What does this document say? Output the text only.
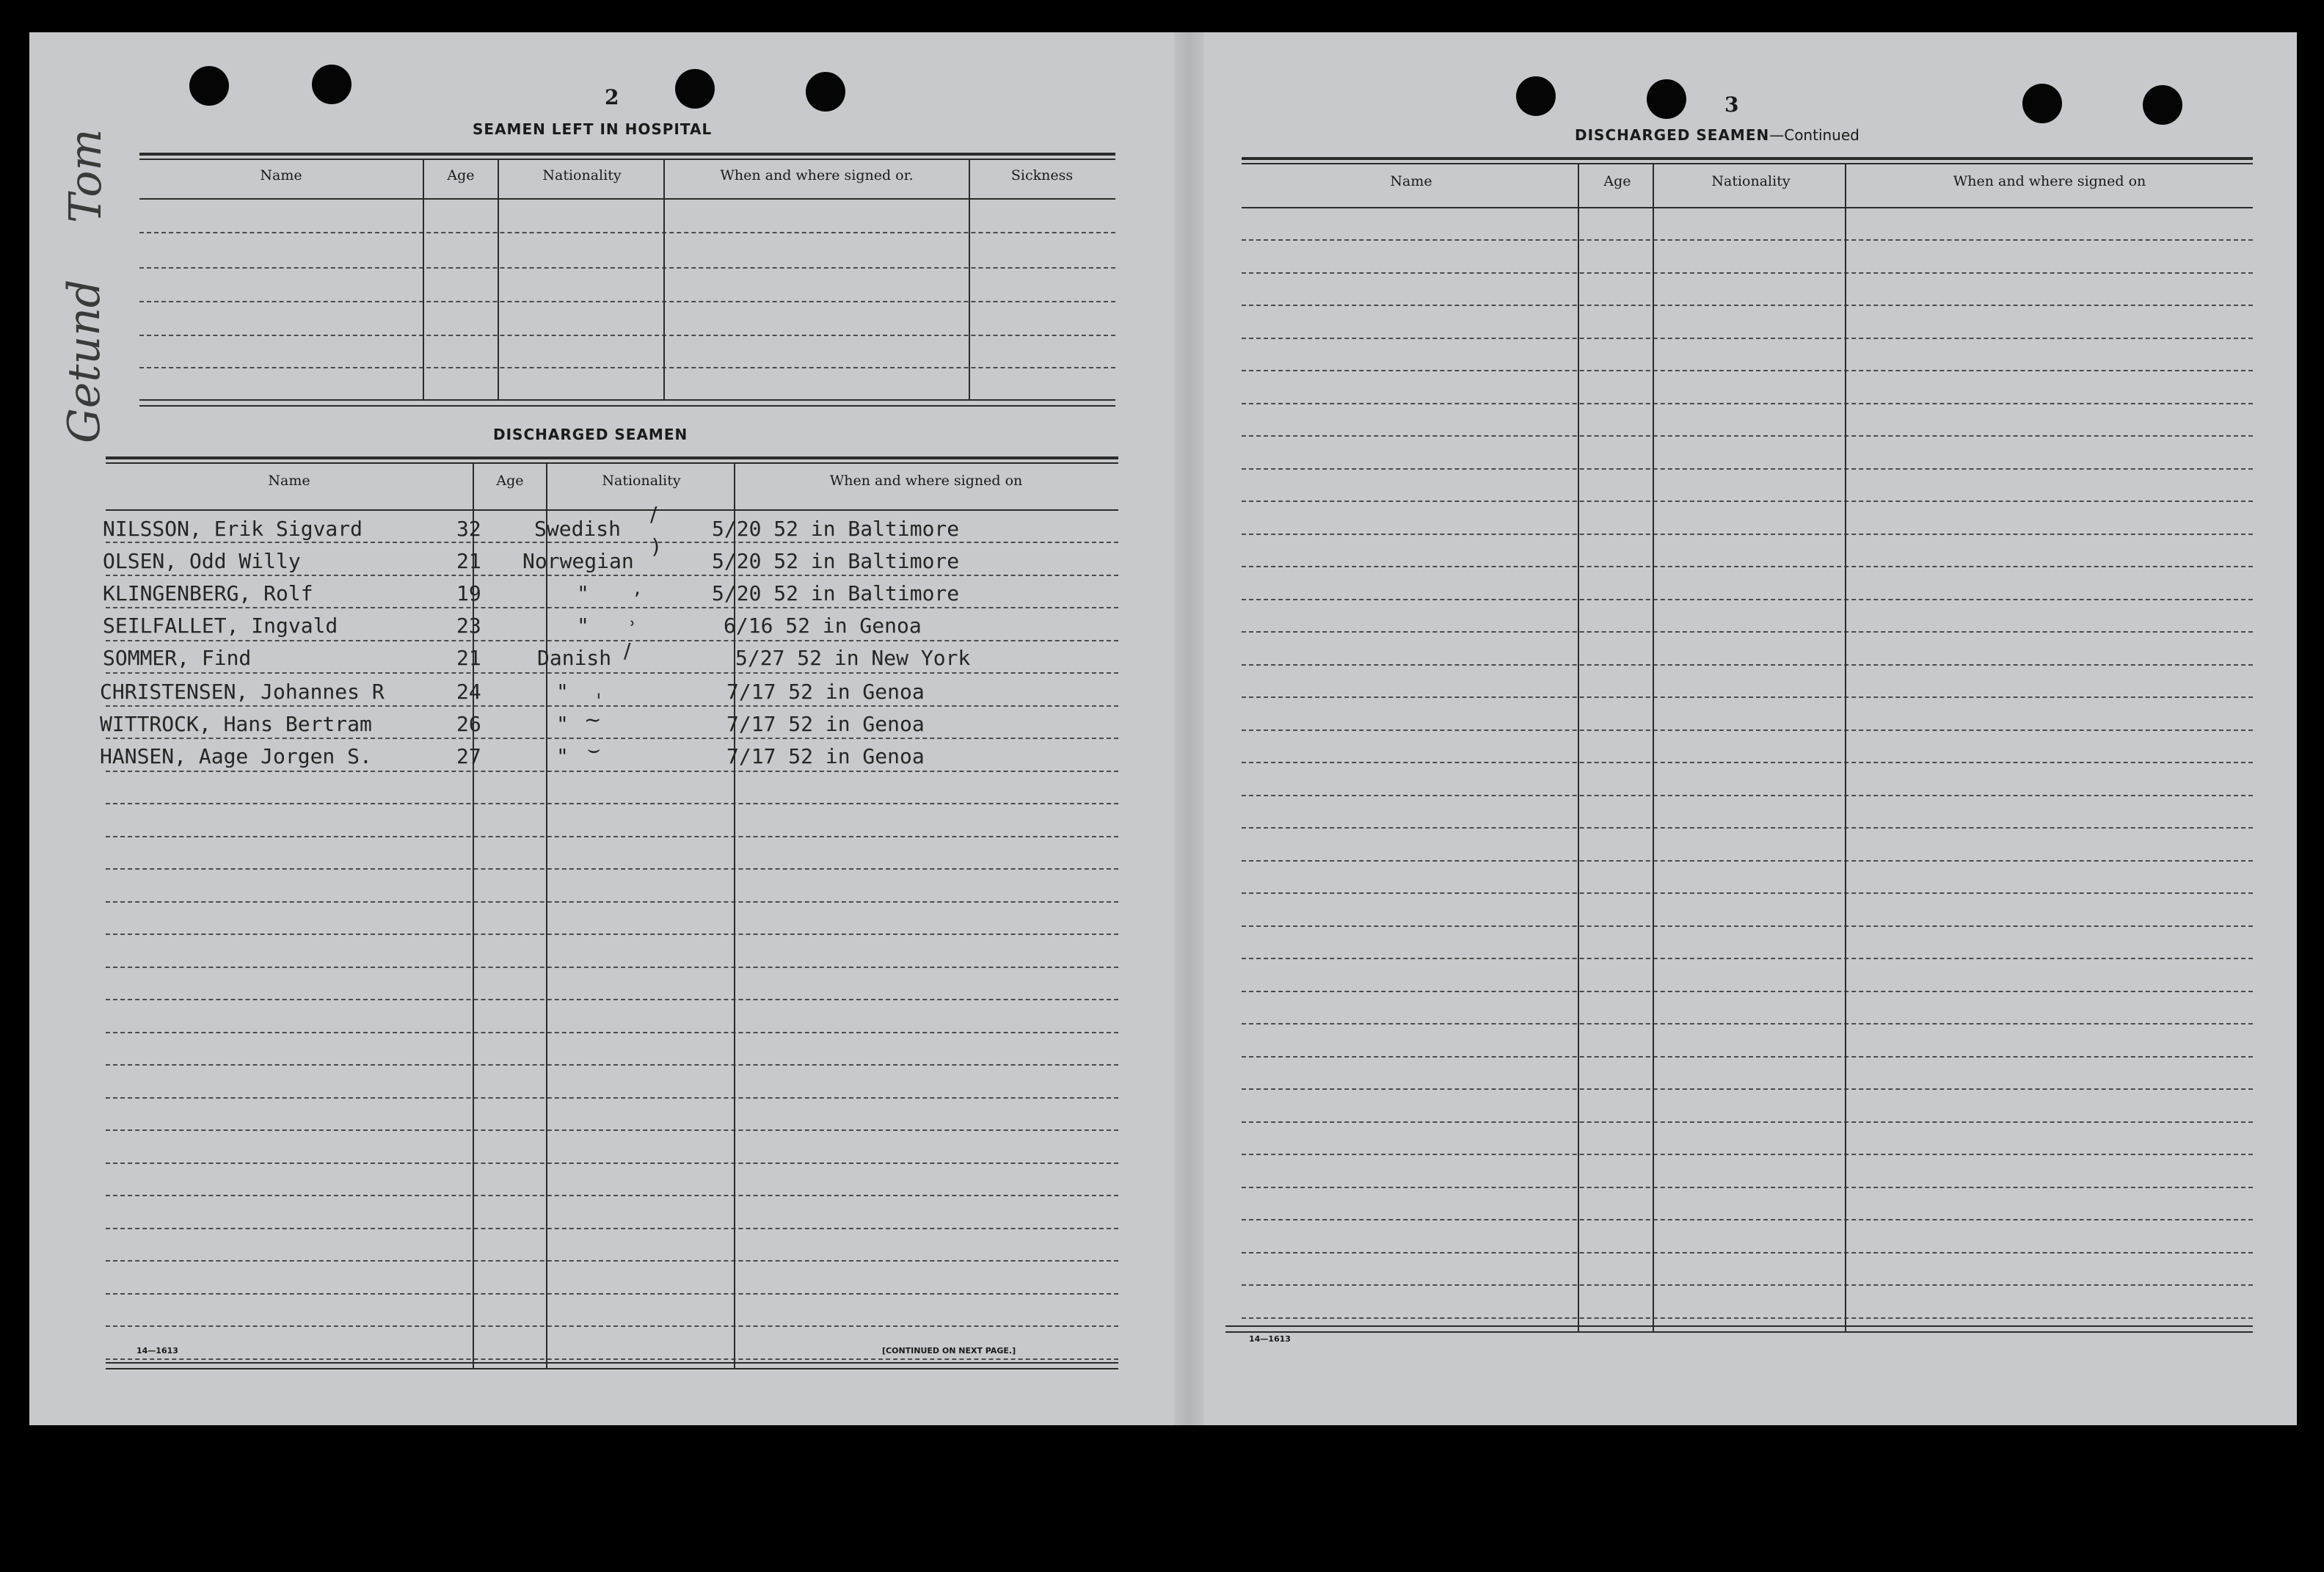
Tom
Getund
2
SEAMEN LEFT IN HOSPITAL
Name	Age	Nationality	When and where signed or.	Sickness
DISCHARGED SEAMEN
Name	Age	Nationality	When and where signed on
NILSSON, Erik Sigvard	32	Swedish	5/20 52 in Baltimore
OLSEN, Odd Willy	21 Norwegian	5/20 52 in Baltimore
KLINGENBERG, Rolf	19	"	5/20 52 in Baltimore
SEILFALLET, Ingvald	23	"	6/16 52 in Genoa
SOMMER, Find	21	Danish	5/27 52 in New York
CHRISTENSEN, Johannes R	24	"	7/17 52 in Genoa
WITTROCK, Hans Bertram	26	"	7/17 52 in Genoa
HANSEN, Aage Jorgen S.	27	"	7/17 52 in Genoa
/
)
,
˒
/
ˌ
~
⌣
14—1613	[CONTINUED ON NEXT PAGE.]
3
DISCHARGED SEAMEN—Continued
Name	Age	Nationality	When and where signed on
14—1613
